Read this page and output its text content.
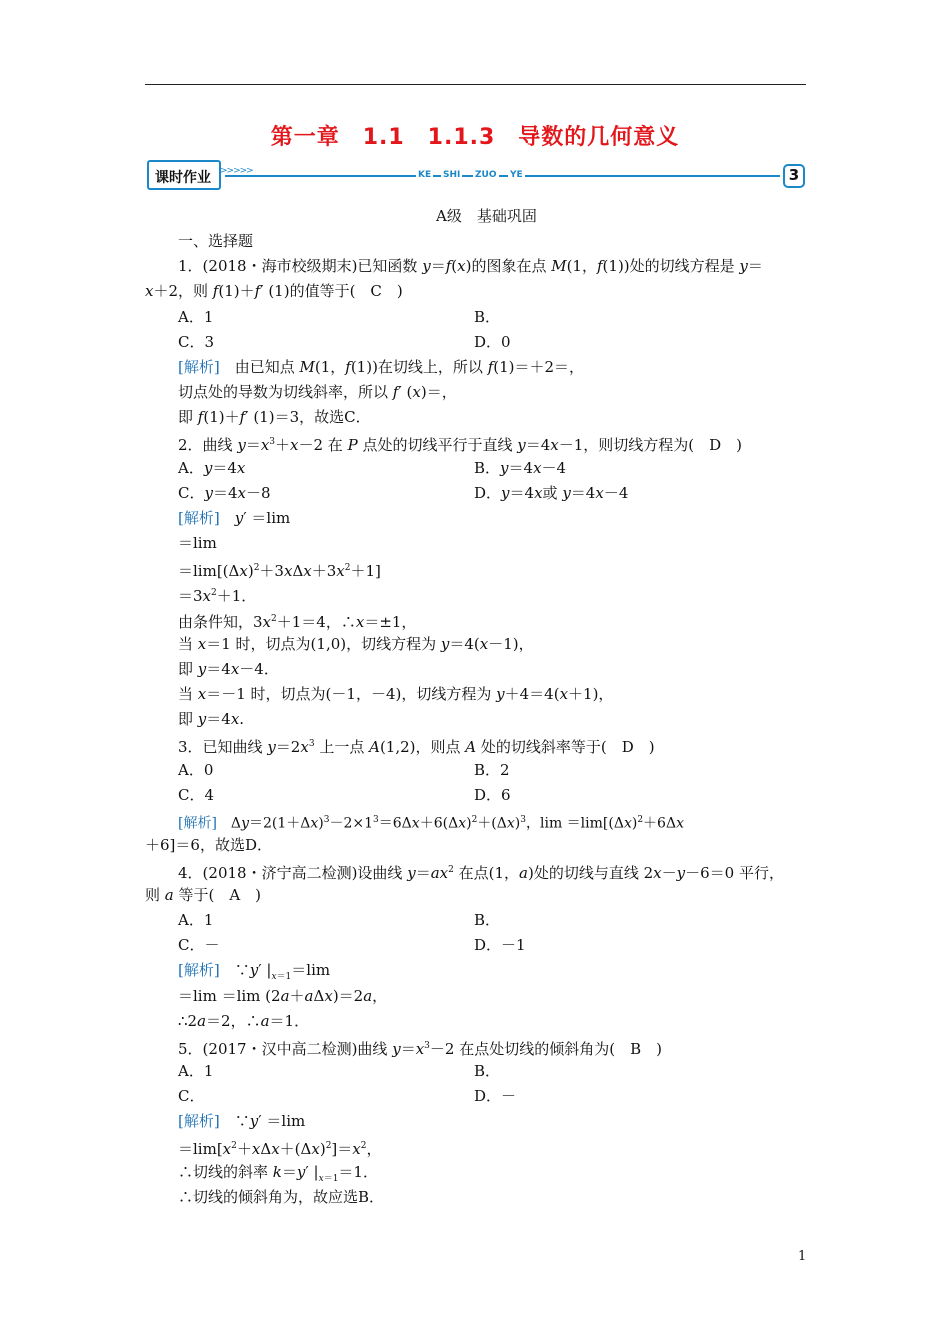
第一章　1.1　1.1.3　导数的几何意义
课时作业 >>>>>	KE SHI ZUO YE	3
A级　基础巩固
一、选择题
1．(2018・海市校级期末)已知函数 y＝f(x)的图象在点 M(1，f(1))处的切线方程是 y＝
x＋2，则 f(1)＋f′ (1)的值等于(　C　)
A．1	B．
C．3	D．0
[解析]　由已知点 M(1，f(1))在切线上，所以 f(1)＝＋2＝，
切点处的导数为切线斜率，所以 f′ (x)＝，
即 f(1)＋f′ (1)＝3，故选C．
2．曲线 $y=x^3+x-2$ 在 P 点处的切线平行于直线 y＝4x－1，则切线方程为(　D　)
A．y＝4x	B．y＝4x－4
C．y＝4x－8	D．y＝4x或 y＝4x－4
[解析]　 y′ ＝lim
＝lim
$=\lim[(\Delta x)^2+3x\Delta x+3x^2+1]$
$=3x^2+1$．
由条件知，$3x^2+1=4$，∴x＝±1，
当 x＝1 时，切点为(1,0)，切线方程为 y＝4(x－1)，
即 y＝4x－4．
当 x＝－1 时，切点为(－1，－4)，切线方程为 y＋4＝4(x＋1)，
即 y＝4x.
3．已知曲线 $y=2x^3$ 上一点 A(1,2)，则点 A 处的切线斜率等于(　D　)
A．0	B．2
C．4	D．6
[解析]　$\Delta y=2(1+\Delta x)^3-2\times 1^3=6\Delta x+6(\Delta x)^2+(\Delta x)^3$，$\lim =\lim[(\Delta x)^2+6\Delta x$
＋6]＝6，故选D．
4．(2018・济宁高二检测)设曲线 $y=ax^2$ 在点(1，a)处的切线与直线 2x－y－6＝0 平行，
则 a 等于(　A　)
A．1	B．
C．－	D．－1
[解析]　∵y′ $|_{x=1}=\lim$
＝lim ＝lim (2a＋aΔx)＝2a，
∴2a＝2，∴a＝1．
5．(2017・汉中高二检测)曲线 $y=x^3-2$ 在点处切线的倾斜角为(　B　)
A．1	B．
C．	D．－
[解析]　∵y′ ＝lim
$=\lim[x^2+x\Delta x+(\Delta x)^2]=x^2$，
∴切线的斜率 k＝y′ $|_{x=1}=1$．
∴切线的倾斜角为，故应选B．
1
